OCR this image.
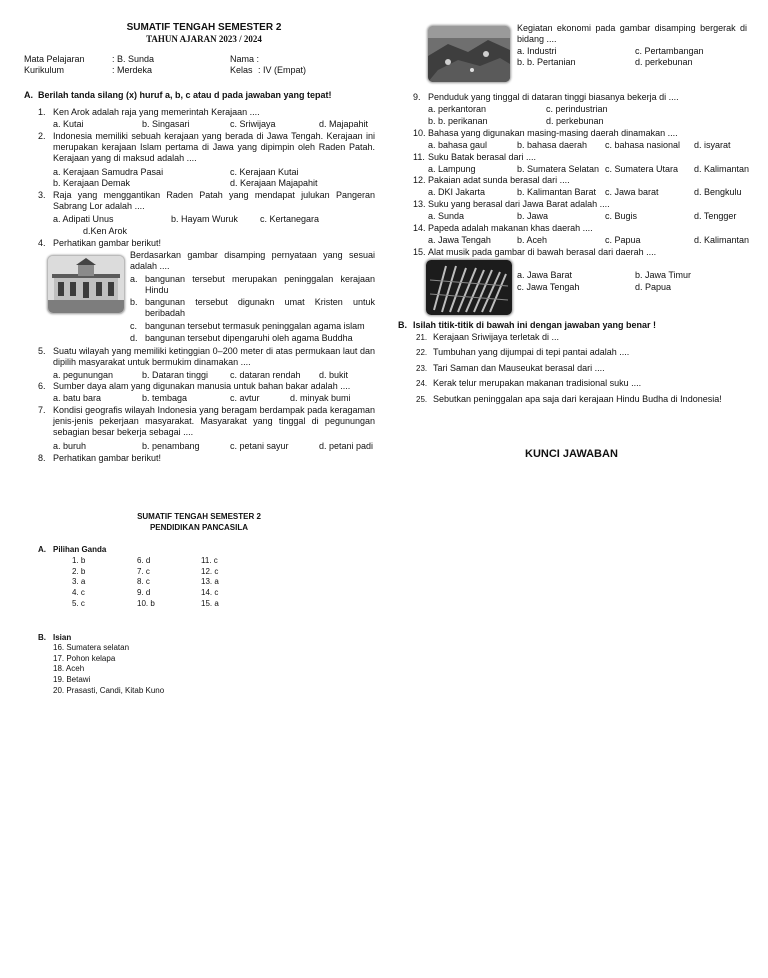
SUMATIF TENGAH SEMESTER 2
TAHUN AJARAN 2023 / 2024
Mata Pelajaran	: B. Sunda
Kurikulum	: Merdeka
Nama :
Kelas : IV (Empat)
A. Berilah tanda silang (x) huruf a, b, c atau d pada jawaban yang tepat!
1. Ken Arok adalah raja yang memerintah Kerajaan ....
a. Kutai	b. Singasari	c. Sriwijaya	d. Majapahit
2. Indonesia memiliki sebuah kerajaan yang berada di Jawa Tengah. Kerajaan ini merupakan kerajaan Islam pertama di Jawa yang dipimpin oleh Raden Patah. Kerajaan yang di maksud adalah ....
a. Kerajaan Samudra Pasai	c. Kerajaan Kutai
b. Kerajaan Demak	d. Kerajaan Majapahit
3. Raja yang menggantikan Raden Patah yang mendapat julukan Pangeran Sabrang Lor adalah ....
a. Adipati Unus	b. Hayam Wuruk c. Kertanegara
d.Ken Arok
4. Perhatikan gambar berikut!
Berdasarkan gambar disamping pernyataan yang sesuai adalah ....
a. bangunan tersebut merupakan peninggalan kerajaan Hindu
b. bangunan tersebut digunakn umat Kristen untuk beribadah
c. bangunan tersebut termasuk peninggalan agama islam
d. bangunan tersebut dipengaruhi oleh agama Buddha
5. Suatu wilayah yang memiliki ketinggian 0–200 meter di atas permukaan laut dan dipilih masyarakat untuk bermukim dinamakan ....
a. pegunungan	b. Dataran tinggi c. dataran rendah d. bukit
6. Sumber daya alam yang digunakan manusia untuk bahan bakar adalah ....
a. batu bara	b. tembaga	c. avtur	d. minyak bumi
7. Kondisi geografis wilayah Indonesia yang beragam berdampak pada keragaman jenis-jenis pekerjaan masyarakat. Masyarakat yang tinggal di pegunungan sebagian besar bekerja sebagai ....
a. buruh	b. penambang	c. petani sayur	d. petani padi
8. Perhatikan gambar berikut!
Kegiatan ekonomi pada gambar disamping bergerak di bidang ....
a. Industri	c. Pertambangan
b. b. Pertanian	d. perkebunan
9. Penduduk yang tinggal di dataran tinggi biasanya bekerja di ....
a. perkantoran	c. perindustrian
b. b. perikanan	d. perkebunan
10. Bahasa yang digunakan masing-masing daerah dinamakan ....
a. bahasa gaul	b. bahasa daerah c. bahasa nasional d. isyarat
11. Suku Batak berasal dari ....
a. Lampung	b. Sumatera Selatan c. Sumatera Utara d. Kalimantan
12. Pakaian adat sunda berasal dari ....
a. DKI Jakarta	b. Kalimantan Barat c. Jawa barat	d. Bengkulu
13. Suku yang berasal dari Jawa Barat adalah ....
a. Sunda	b. Jawa	c. Bugis	d. Tengger
14. Papeda adalah makanan khas daerah ....
a. Jawa Tengah	b. Aceh	c. Papua	d. Kalimantan
15. Alat musik pada gambar di bawah berasal dari daerah ....
a. Jawa Barat	b. Jawa Timur
c. Jawa Tengah	d. Papua
B. Isilah titik-titik di bawah ini dengan jawaban yang benar !
21. Kerajaan Sriwijaya terletak di ...
22. Tumbuhan yang dijumpai di tepi pantai adalah ....
23. Tari Saman dan Mauseukat berasal dari ....
24. Kerak telur merupakan makanan tradisional suku ....
25. Sebutkan peninggalan apa saja dari kerajaan Hindu Budha di Indonesia!
KUNCI JAWABAN
SUMATIF TENGAH SEMESTER 2
PENDIDIKAN PANCASILA
A. Pilihan Ganda
1. b
2. b
3. a
4. c
5. c
6. d
7. c
8. c
9. d
10. b
11. c
12. c
13. a
14. c
15. a
B. Isian
16. Sumatera selatan
17. Pohon kelapa
18. Aceh
19. Betawi
20. Prasasti, Candi, Kitab Kuno
